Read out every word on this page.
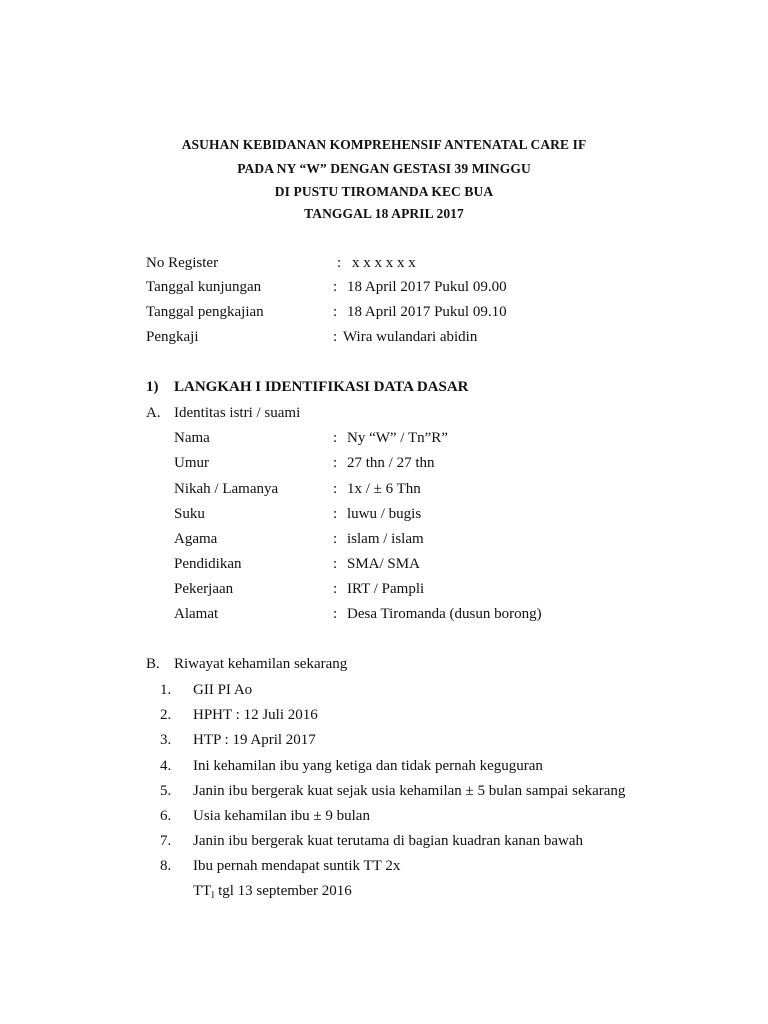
ASUHAN KEBIDANAN KOMPREHENSIF ANTENATAL CARE IF
PADA NY “W” DENGAN GESTASI 39 MINGGU
DI PUSTU TIROMANDA KEC BUA
TANGGAL 18 APRIL 2017
No Register	: x x x x x x
Tanggal kunjungan	: 18 April 2017 Pukul 09.00
Tanggal pengkajian	: 18 April 2017 Pukul 09.10
Pengkaji	: Wira wulandari abidin
1) LANGKAH I IDENTIFIKASI DATA DASAR
A. Identitas istri / suami
Nama	: Ny “W” / Tn”R”
Umur	: 27 thn / 27 thn
Nikah / Lamanya	: 1x / ± 6 Thn
Suku	: luwu / bugis
Agama	: islam / islam
Pendidikan	: SMA/ SMA
Pekerjaan	: IRT / Pampli
Alamat	: Desa Tiromanda (dusun borong)
B. Riwayat kehamilan sekarang
1. GII PI Ao
2. HPHT : 12 Juli 2016
3. HTP : 19 April 2017
4. Ini kehamilan ibu yang ketiga dan tidak pernah keguguran
5. Janin ibu bergerak kuat sejak usia kehamilan ± 5 bulan sampai sekarang
6. Usia kehamilan ibu ± 9 bulan
7. Janin ibu bergerak kuat terutama di bagian kuadran kanan bawah
8. Ibu pernah mendapat suntik TT 2x
$TT_I$ tgl 13 september 2016
